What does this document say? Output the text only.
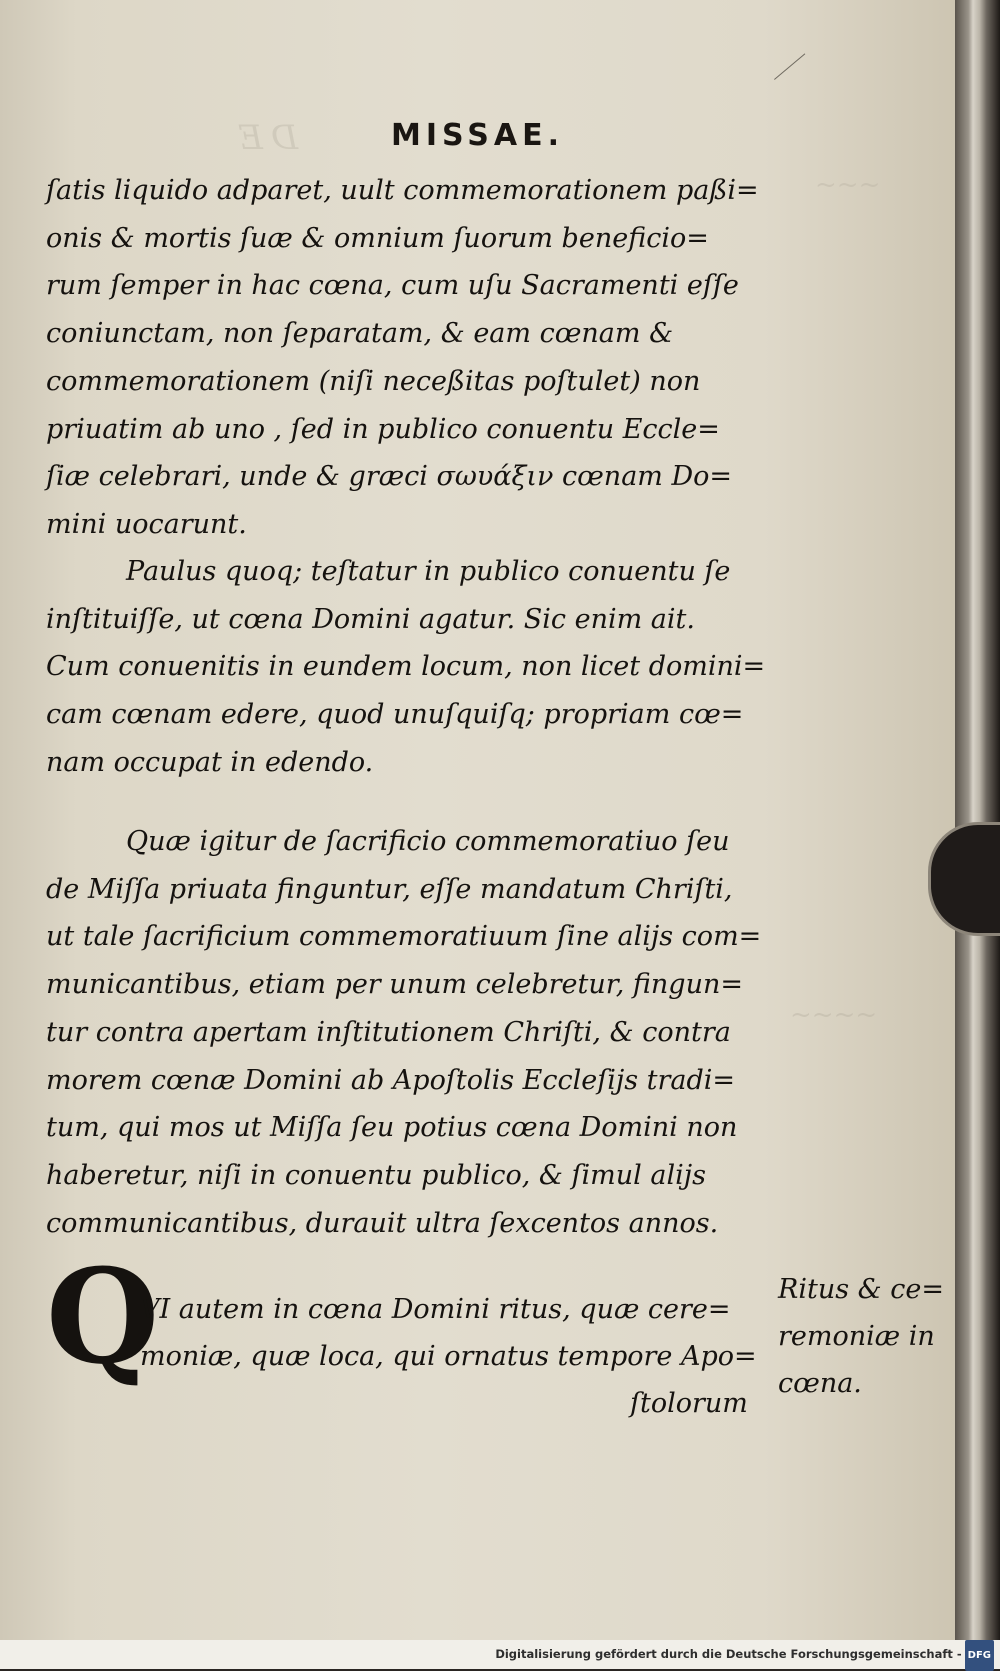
DE
~~~
~~~~
MISSAE.
ſatis liquido adparet, uult commemorationem paßi=
onis & mortis ſuæ & omnium ſuorum beneficio=
rum ſemper in hac cœna, cum uſu Sacramenti eſſe
coniunctam, non ſeparatam, & eam cœnam &
commemorationem (niſi neceßitas poſtulet) non
priuatim ab uno , ſed in publico conuentu Eccle=
ſiæ celebrari, unde & græci σωυάξιν cœnam Do=
mini uocarunt.
Paulus quoq; teſtatur in publico conuentu ſe
inſtituiſſe, ut cœna Domini agatur. Sic enim ait.
Cum conuenitis in eundem locum, non licet domini=
cam cœnam edere, quod unuſquiſq; propriam cœ=
nam occupat in edendo.
Quæ igitur de ſacrificio commemoratiuo ſeu
de Miſſa priuata finguntur, eſſe mandatum Chriſti,
ut tale ſacrificium commemoratiuum ſine alijs com=
municantibus, etiam per unum celebretur, fingun=
tur contra apertam inſtitutionem Chriſti, & contra
morem cœnæ Domini ab Apoſtolis Eccleſijs tradi=
tum, qui mos ut Miſſa ſeu potius cœna Domini non
haberetur, niſi in conuentu publico, & ſimul alijs
communicantibus, durauit ultra ſexcentos annos.
Q
VI autem in cœna Domini ritus, quæ cere=
moniæ, quæ loca, qui ornatus tempore Apo=
ſtolorum
Ritus & ce=
remoniæ in
cœna.
Digitalisierung gefördert durch die Deutsche Forschungsgemeinschaft - DFG
